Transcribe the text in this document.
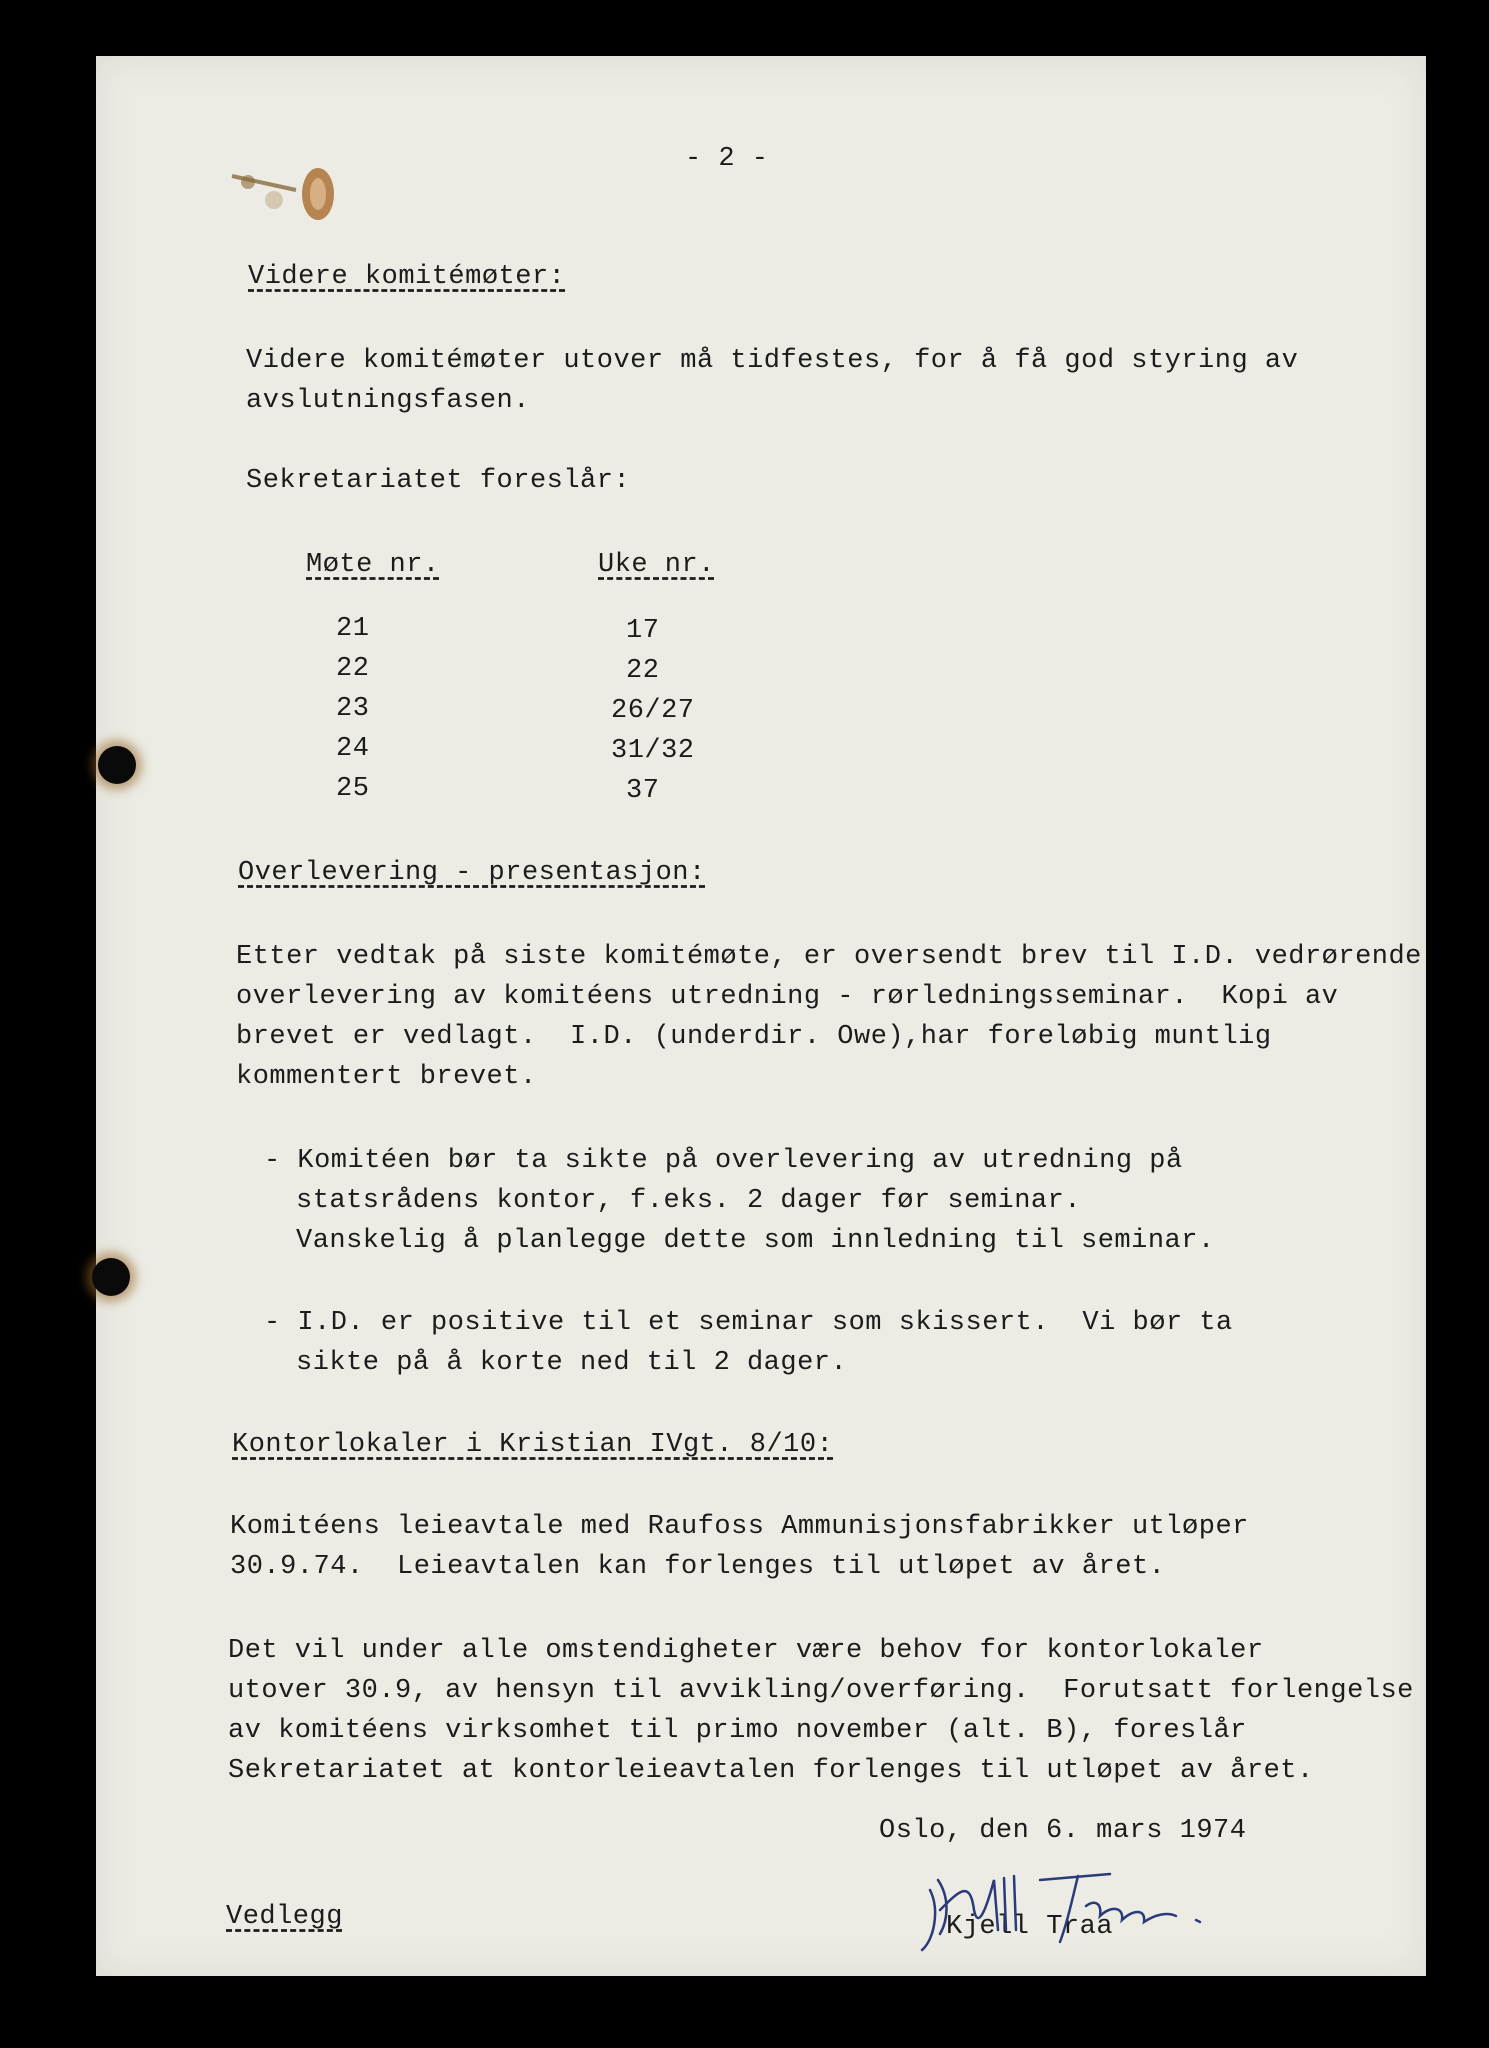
- 2 -
Videre komitémøter:
Videre komitémøter utover må tidfestes, for å få god styring av
avslutningsfasen.
Sekretariatet foreslår:
Møte nr.	Uke nr.
21	17
22	22
23	26/27
24	31/32
25	37
Overlevering - presentasjon:
Etter vedtak på siste komitémøte, er oversendt brev til I.D. vedrørende
overlevering av komitéens utredning - rørledningsseminar.  Kopi av
brevet er vedlagt.  I.D. (underdir. Owe),har foreløbig muntlig
kommentert brevet.
- Komitéen bør ta sikte på overlevering av utredning på
statsrådens kontor, f.eks. 2 dager før seminar.
Vanskelig å planlegge dette som innledning til seminar.
- I.D. er positive til et seminar som skissert.  Vi bør ta
sikte på å korte ned til 2 dager.
Kontorlokaler i Kristian IVgt. 8/10:
Komitéens leieavtale med Raufoss Ammunisjonsfabrikker utløper
30.9.74.  Leieavtalen kan forlenges til utløpet av året.
Det vil under alle omstendigheter være behov for kontorlokaler
utover 30.9, av hensyn til avvikling/overføring.  Forutsatt forlengelse
av komitéens virksomhet til primo november (alt. B), foreslår
Sekretariatet at kontorleieavtalen forlenges til utløpet av året.
Oslo, den 6. mars 1974
Kjell Traa
Vedlegg
